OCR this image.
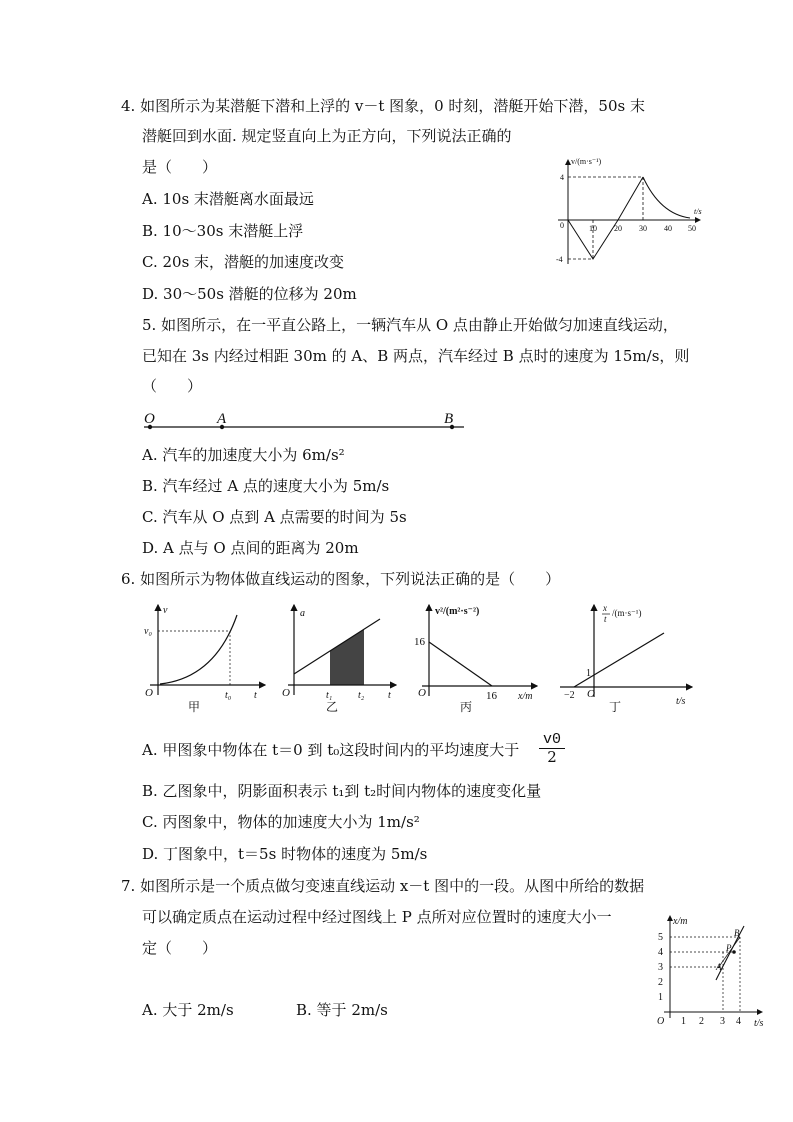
4. 如图所示为某潜艇下潜和上浮的 v－t 图象，0 时刻，潜艇开始下潜，50s 末
潜艇回到水面. 规定竖直向上为正方向，下列说法正确的
是（　　）
A. 10s 末潜艇离水面最远
B. 10～30s 末潜艇上浮
C. 20s 末，潜艇的加速度改变
D. 30～50s 潜艇的位移为 20m
v/(m·s⁻¹)
t/s
0
4
-4
10 20 30 40 50
5. 如图所示，在一平直公路上，一辆汽车从 O 点由静止开始做匀加速直线运动，
已知在 3s 内经过相距 30m 的 A、B 两点，汽车经过 B 点时的速度为 15m/s，则
（　　）
O	A	B
A. 汽车的加速度大小为 6m/s²
B. 汽车经过 A 点的速度大小为 5m/s
C. 汽车从 O 点到 A 点需要的时间为 5s
D. A 点与 O 点间的距离为 20m
6. 如图所示为物体做直线运动的图象，下列说法正确的是（　　）
v
v₀
O	t₀ t
甲
a
O	t₁	t₂ t
乙
v²/(m²·s⁻²)
16
O	16 x/m
丙
x
t
/(m·s⁻¹)
1
−2 O
t/s
丁
A. 甲图象中物体在 t＝0 到 t₀这段时间内的平均速度大于 $\frac{v0}{2}$
B. 乙图象中，阴影面积表示 t₁到 t₂时间内物体的速度变化量
C. 丙图象中，物体的加速度大小为 1m/s²
D. 丁图象中，t＝5s 时物体的速度为 5m/s
7. 如图所示是一个质点做匀变速直线运动 x－t 图中的一段。从图中所给的数据
可以确定质点在运动过程中经过图线上 P 点所对应位置时的速度大小一
定（　　）
A. 大于 2m/s	B. 等于 2m/s
x/m
t/s
O
1
2
3
4
5
1 2 3 4
A
P
B
